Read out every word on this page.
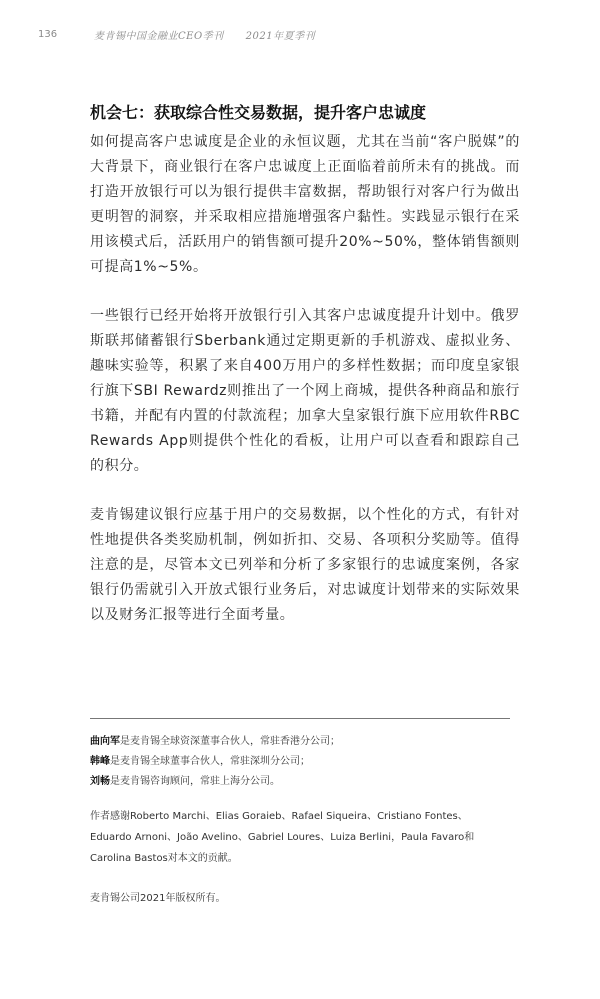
136	麦肯锡中国金融业CEO季刊 2021年夏季刊
机会七：获取综合性交易数据，提升客户忠诚度

如何提高客户忠诚度是企业的永恒议题，尤其在当前“客户脱媒”的大背景下，商业银行在客户忠诚度上正面临着前所未有的挑战。而打造开放银行可以为银行提供丰富数据，帮助银行对客户行为做出更明智的洞察，并采取相应措施增强客户黏性。实践显示银行在采用该模式后，活跃用户的销售额可提升20%~50%，整体销售额则可提高1%~5%。

一些银行已经开始将开放银行引入其客户忠诚度提升计划中。俄罗斯联邦储蓄银行Sberbank通过定期更新的手机游戏、虚拟业务、趣味实验等，积累了来自400万用户的多样性数据；而印度皇家银行旗下SBI Rewardz则推出了一个网上商城，提供各种商品和旅行书籍，并配有内置的付款流程；加拿大皇家银行旗下应用软件RBC Rewards App则提供个性化的看板，让用户可以查看和跟踪自己的积分。

麦肯锡建议银行应基于用户的交易数据，以个性化的方式，有针对性地提供各类奖励机制，例如折扣、交易、各项积分奖励等。值得注意的是，尽管本文已列举和分析了多家银行的忠诚度案例，各家银行仍需就引入开放式银行业务后，对忠诚度计划带来的实际效果以及财务汇报等进行全面考量。

曲向军是麦肯锡全球资深董事合伙人，常驻香港分公司；
韩峰是麦肯锡全球董事合伙人，常驻深圳分公司；
刘畅是麦肯锡咨询顾问，常驻上海分公司。
作者感谢Roberto Marchi、Elias Goraieb、Rafael Siqueira、Cristiano Fontes、
Eduardo Arnoni、João Avelino、Gabriel Loures、Luiza Berlini，Paula Favaro和
Carolina Bastos对本文的贡献。
麦肯锡公司2021年版权所有。
